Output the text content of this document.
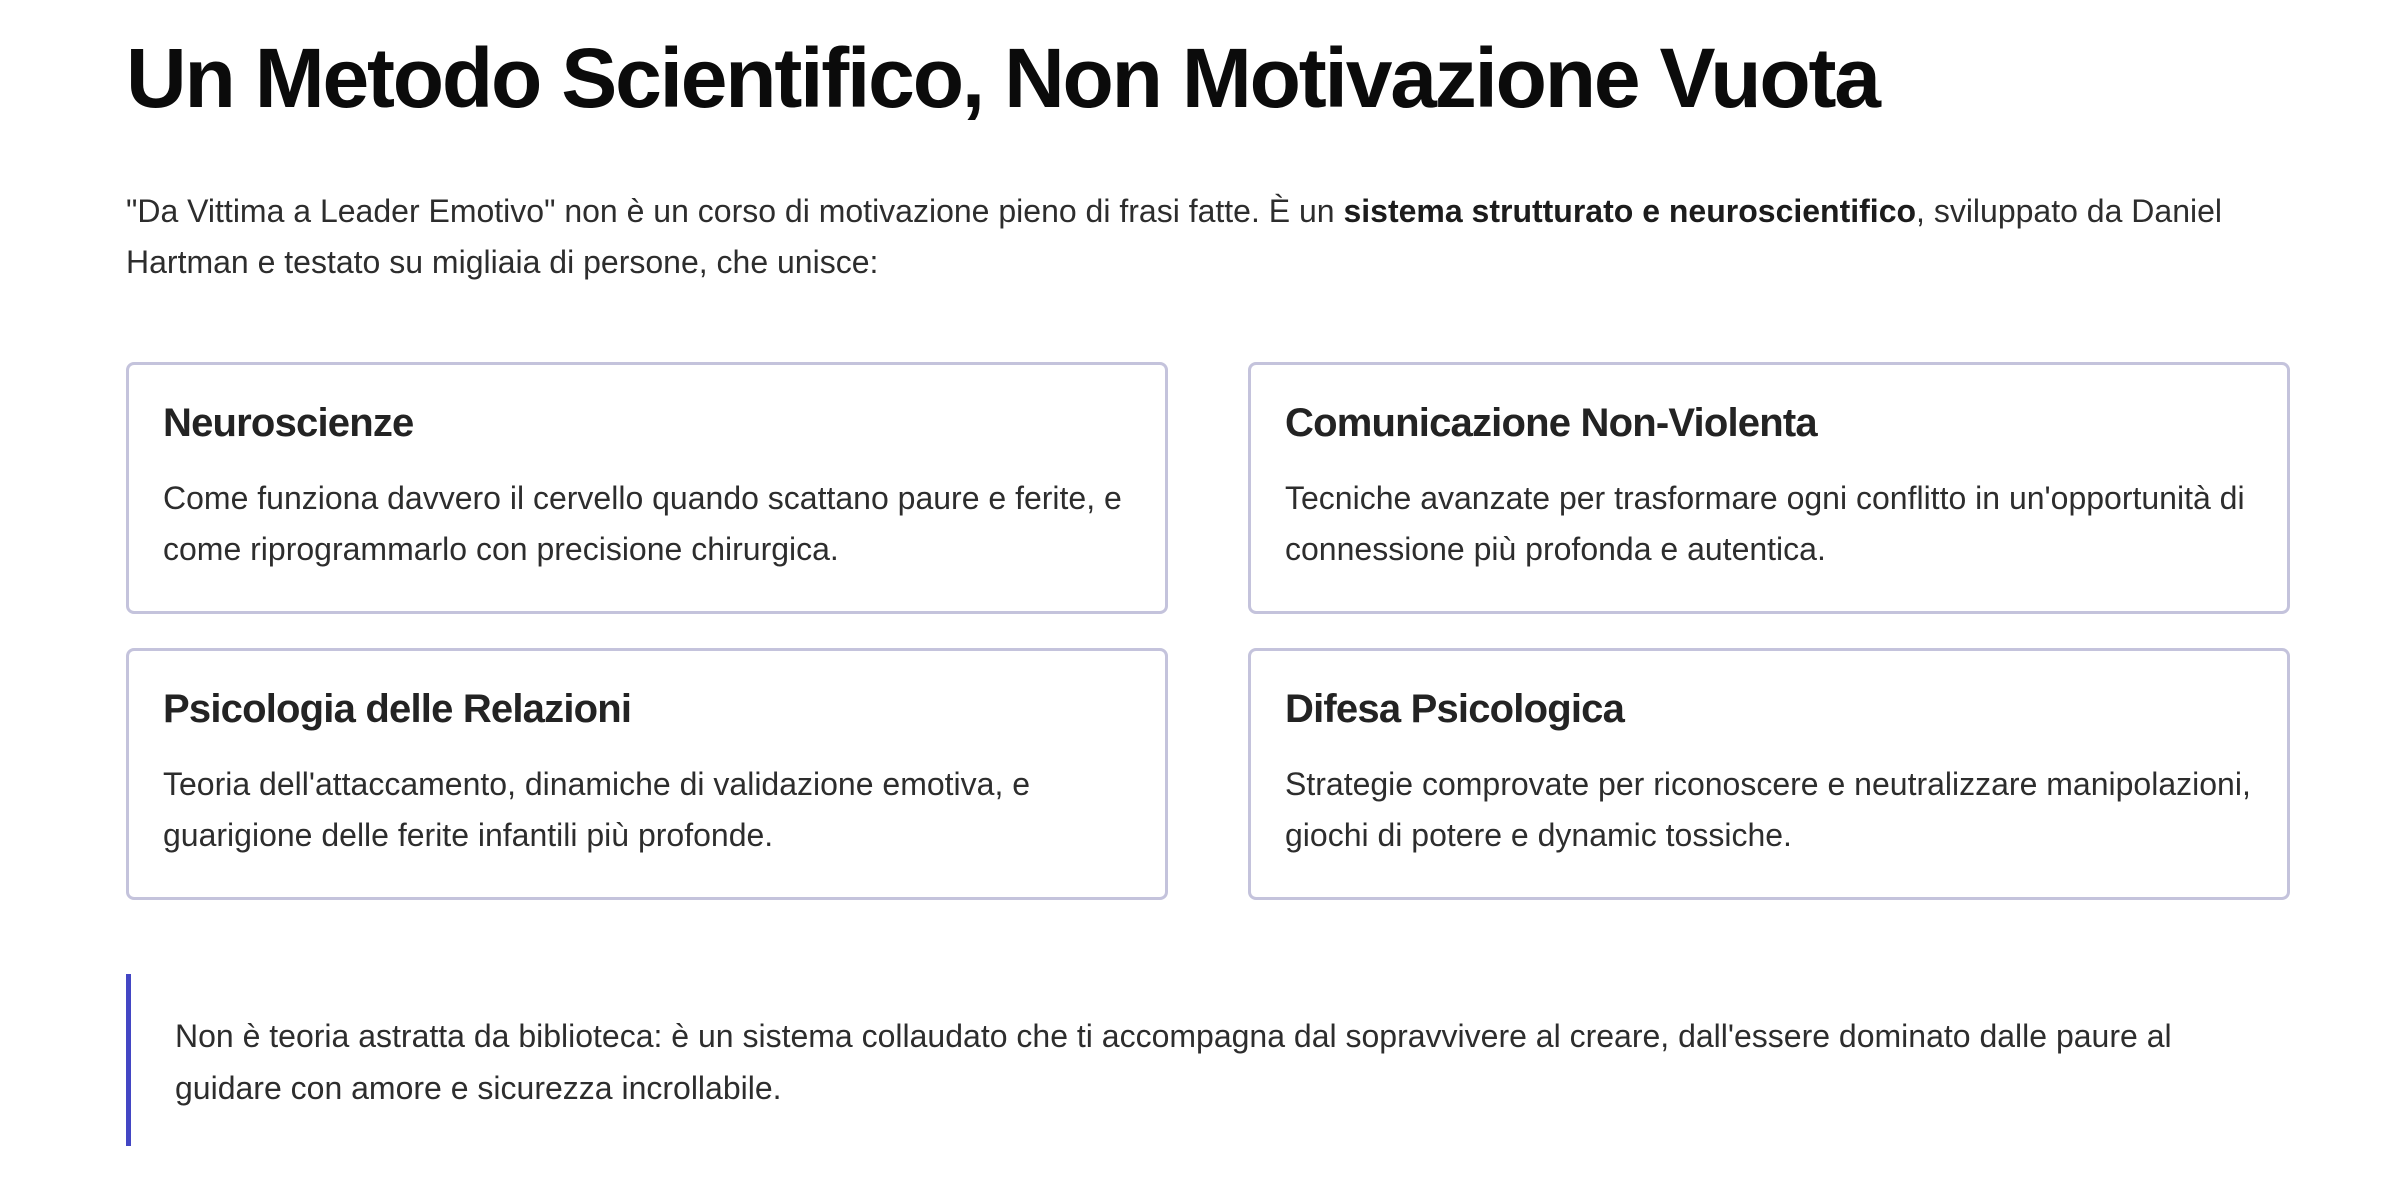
Un Metodo Scientifico, Non Motivazione Vuota

"Da Vittima a Leader Emotivo" non è un corso di motivazione pieno di frasi fatte. È un sistema strutturato e neuroscientifico, sviluppato da Daniel Hartman e testato su migliaia di persone, che unisce:

Neuroscienze

Come funziona davvero il cervello quando scattano paure e ferite, e come riprogrammarlo con precisione chirurgica.

Comunicazione Non-Violenta

Tecniche avanzate per trasformare ogni conflitto in un'opportunità di connessione più profonda e autentica.

Psicologia delle Relazioni

Teoria dell'attaccamento, dinamiche di validazione emotiva, e guarigione delle ferite infantili più profonde.

Difesa Psicologica

Strategie comprovate per riconoscere e neutralizzare manipolazioni, giochi di potere e dynamic tossiche.

Non è teoria astratta da biblioteca: è un sistema collaudato che ti accompagna dal sopravvivere al creare, dall'essere dominato dalle paure al guidare con amore e sicurezza incrollabile.
